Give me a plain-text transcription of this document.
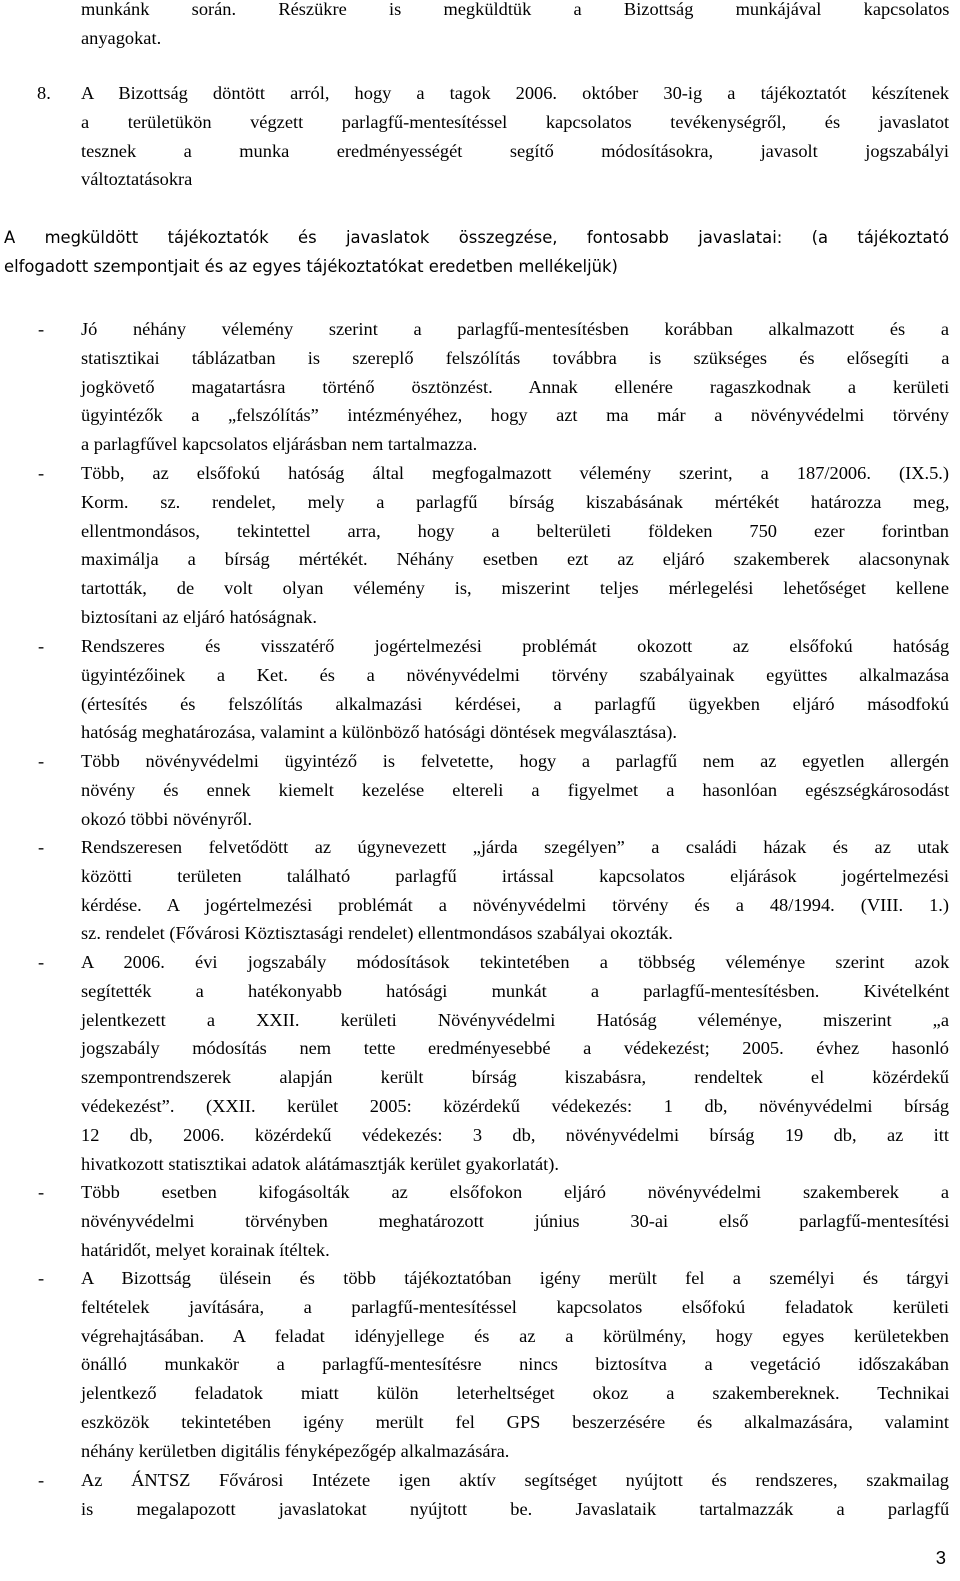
munkánk során. Részükre is megküldtük a Bizottság munkájával kapcsolatos
anyagokat.
8. A Bizottság döntött arról, hogy a tagok 2006. október 30-ig a tájékoztatót készítenek
a területükön végzett parlagfű-mentesítéssel kapcsolatos tevékenységről, és javaslatot
tesznek a munka eredményességét segítő módosításokra, javasolt jogszabályi
változtatásokra
A megküldött tájékoztatók és javaslatok összegzése, fontosabb javaslatai: (a tájékoztató
elfogadott szempontjait és az egyes tájékoztatókat eredetben mellékeljük)
- Jó néhány vélemény szerint a parlagfű-mentesítésben korábban alkalmazott és a
statisztikai táblázatban is szereplő felszólítás továbbra is szükséges és elősegíti a
jogkövető magatartásra történő ösztönzést. Annak ellenére ragaszkodnak a kerületi
ügyintézők a „felszólítás” intézményéhez, hogy azt ma már a növényvédelmi törvény
a parlagfűvel kapcsolatos eljárásban nem tartalmazza.
- Több, az elsőfokú hatóság által megfogalmazott vélemény szerint, a 187/2006. (IX.5.)
Korm. sz. rendelet, mely a parlagfű bírság kiszabásának mértékét határozza meg,
ellentmondásos, tekintettel arra, hogy a belterületi földeken 750 ezer forintban
maximálja a bírság mértékét. Néhány esetben ezt az eljáró szakemberek alacsonynak
tartották, de volt olyan vélemény is, miszerint teljes mérlegelési lehetőséget kellene
biztosítani az eljáró hatóságnak.
- Rendszeres és visszatérő jogértelmezési problémát okozott az elsőfokú hatóság
ügyintézőinek a Ket. és a növényvédelmi törvény szabályainak együttes alkalmazása
(értesítés és felszólítás alkalmazási kérdései, a parlagfű ügyekben eljáró másodfokú
hatóság meghatározása, valamint a különböző hatósági döntések megválasztása).
- Több növényvédelmi ügyintéző is felvetette, hogy a parlagfű nem az egyetlen allergén
növény és ennek kiemelt kezelése eltereli a figyelmet a hasonlóan egészségkárosodást
okozó többi növényről.
- Rendszeresen felvetődött az úgynevezett „járda szegélyen” a családi házak és az utak
közötti területen található parlagfű irtással kapcsolatos eljárások jogértelmezési
kérdése. A jogértelmezési problémát a növényvédelmi törvény és a 48/1994. (VIII. 1.)
sz. rendelet (Fővárosi Köztisztasági rendelet) ellentmondásos szabályai okozták.
- A 2006. évi jogszabály módosítások tekintetében a többség véleménye szerint azok
segítették a hatékonyabb hatósági munkát a parlagfű-mentesítésben. Kivételként
jelentkezett a XXII. kerületi Növényvédelmi Hatóság véleménye, miszerint „a
jogszabály módosítás nem tette eredményesebbé a védekezést; 2005. évhez hasonló
szempontrendszerek alapján került bírság kiszabásra, rendeltek el közérdekű
védekezést”. (XXII. kerület 2005: közérdekű védekezés: 1 db, növényvédelmi bírság
12 db, 2006. közérdekű védekezés: 3 db, növényvédelmi bírság 19 db, az itt
hivatkozott statisztikai adatok alátámasztják kerület gyakorlatát).
- Több esetben kifogásolták az elsőfokon eljáró növényvédelmi szakemberek a
növényvédelmi törvényben meghatározott június 30-ai első parlagfű-mentesítési
határidőt, melyet korainak ítéltek.
- A Bizottság ülésein és több tájékoztatóban igény merült fel a személyi és tárgyi
feltételek javítására, a parlagfű-mentesítéssel kapcsolatos elsőfokú feladatok kerületi
végrehajtásában. A feladat idényjellege és az a körülmény, hogy egyes kerületekben
önálló munkakör a parlagfű-mentesítésre nincs biztosítva a vegetáció időszakában
jelentkező feladatok miatt külön leterheltséget okoz a szakembereknek. Technikai
eszközök tekintetében igény merült fel GPS beszerzésére és alkalmazására, valamint
néhány kerületben digitális fényképezőgép alkalmazására.
- Az ÁNTSZ Fővárosi Intézete igen aktív segítséget nyújtott és rendszeres, szakmailag
is megalapozott javaslatokat nyújtott be. Javaslataik tartalmazzák a parlagfű
3
